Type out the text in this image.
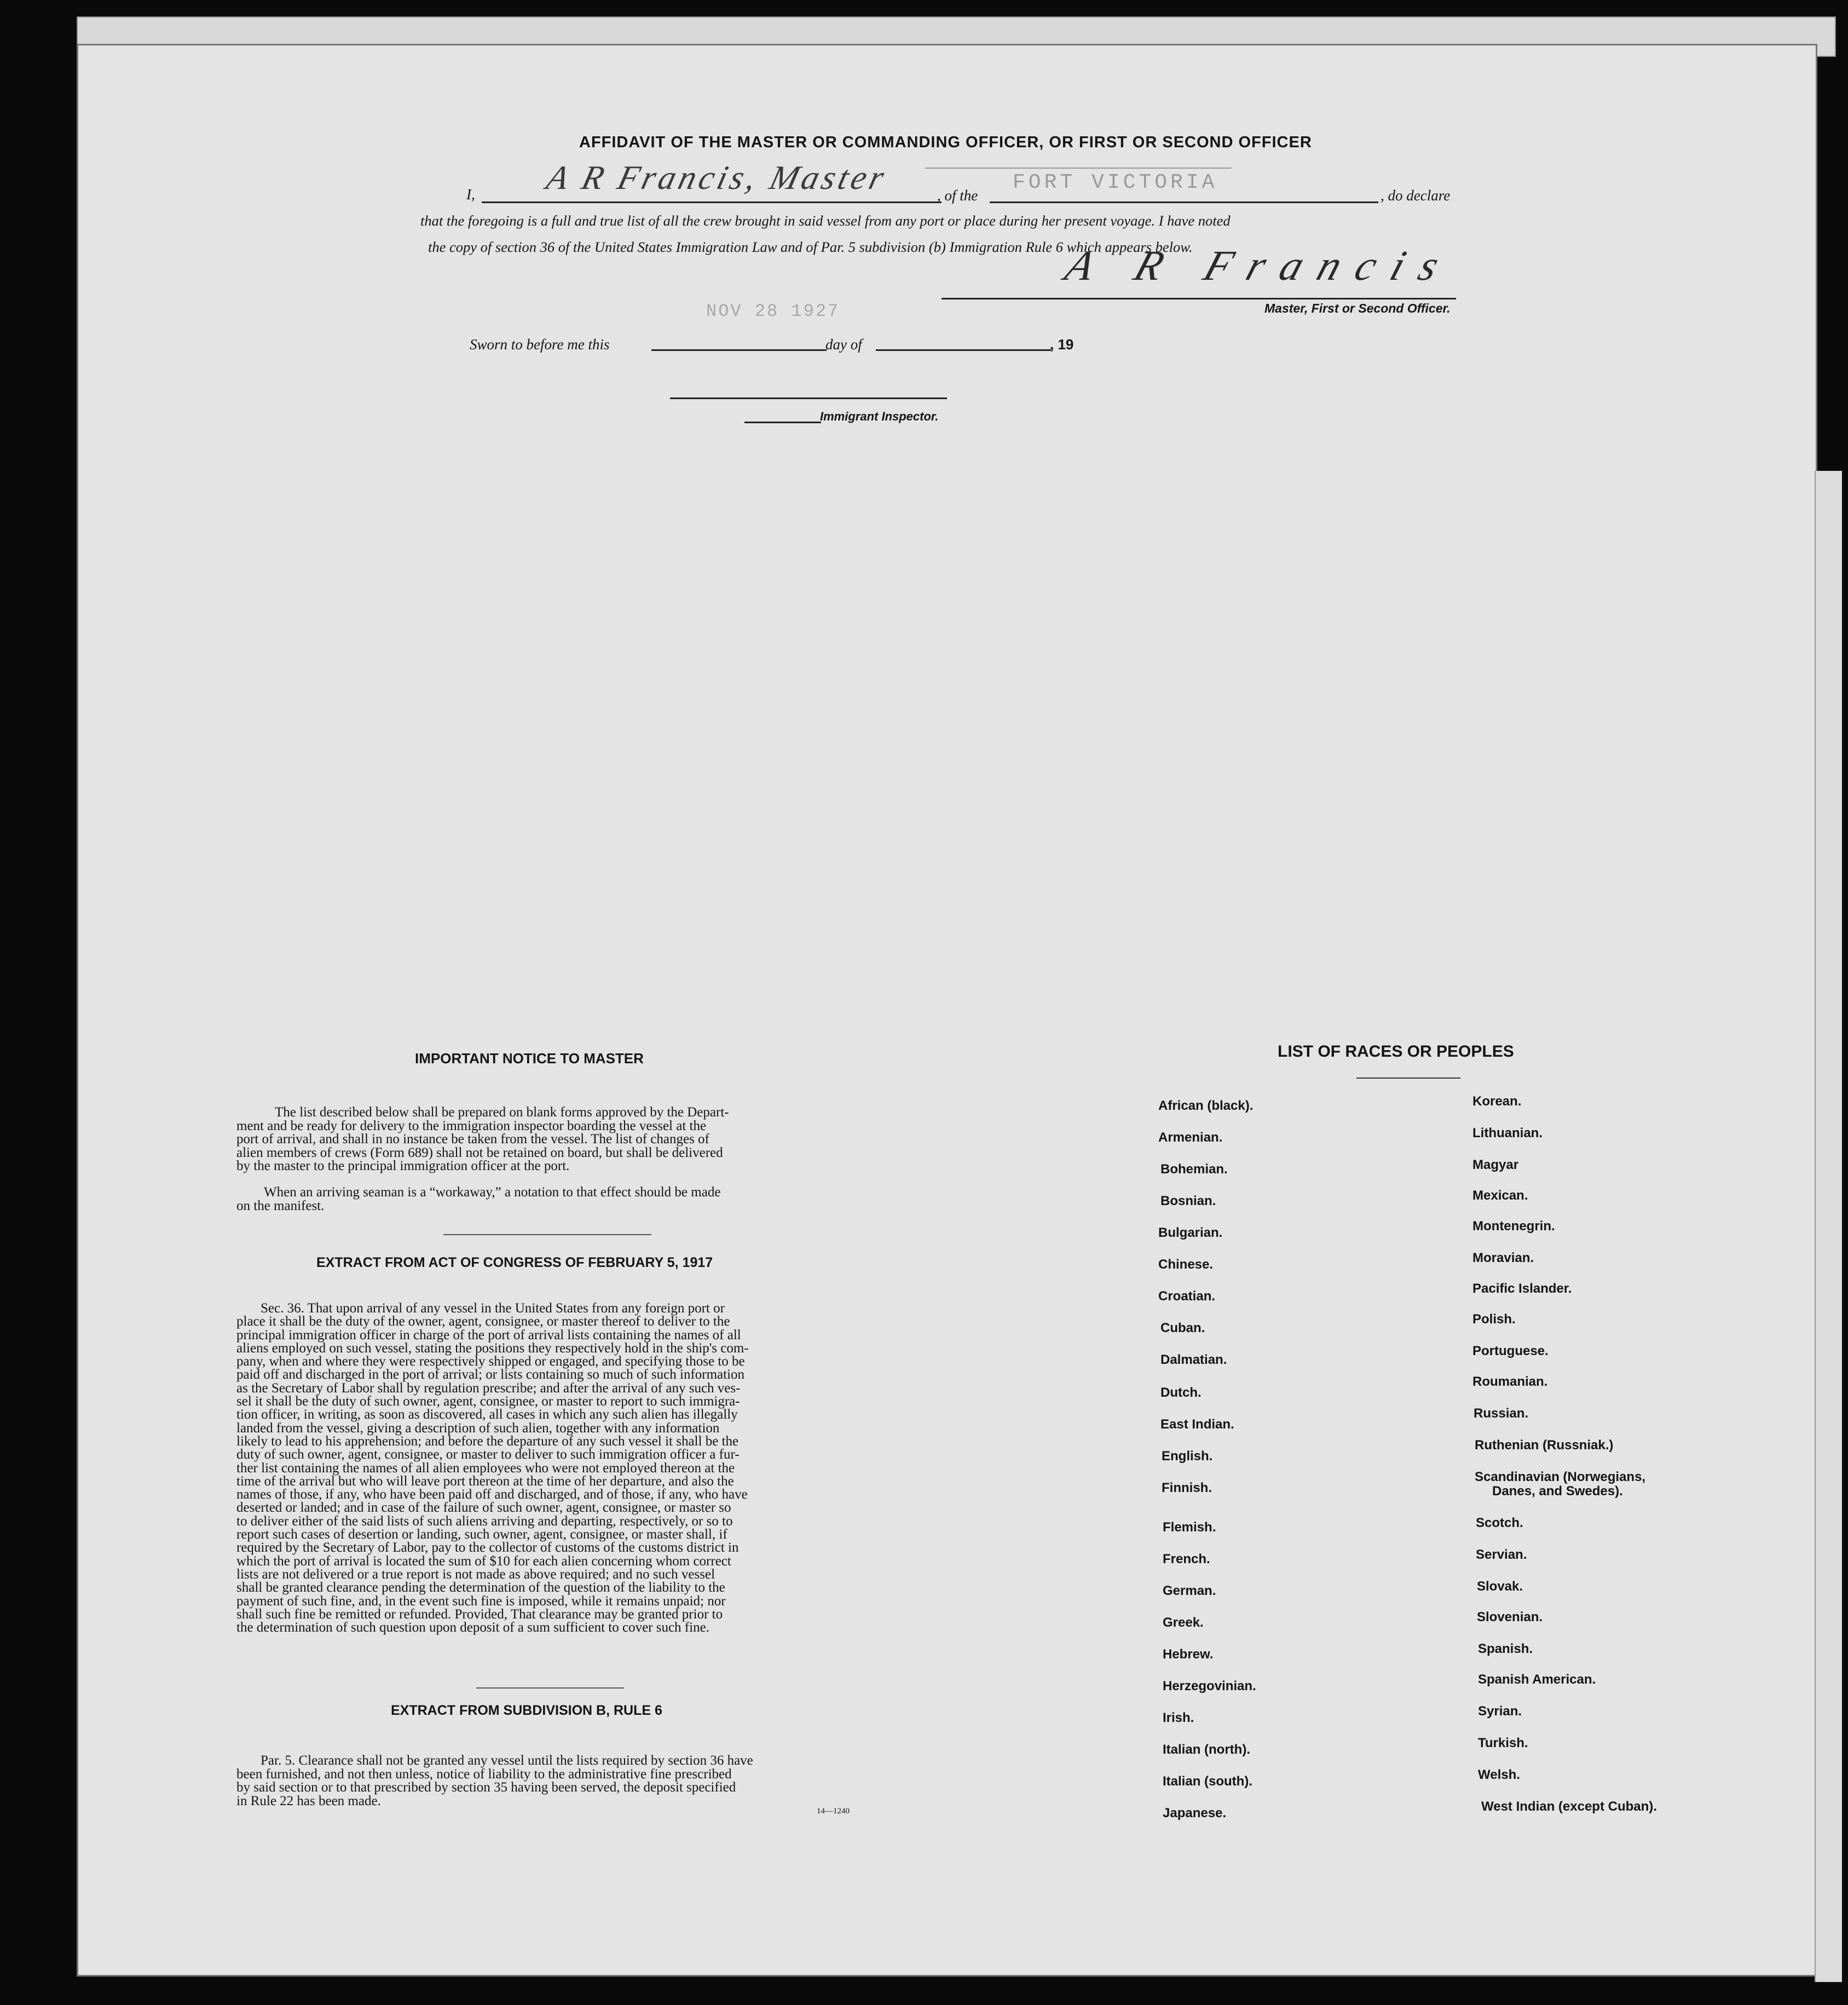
AFFIDAVIT OF THE MASTER OR COMMANDING OFFICER, OR FIRST OR SECOND OFFICER
I, A R Francis, Master	, of the
FORT VICTORIA
, do declare
that the foregoing is a full and true list of all the crew brought in said vessel from any port or place during her present voyage. I have noted
the copy of section 36 of the United States Immigration Law and of Par. 5 subdivision (b) Immigration Rule 6 which appears below.
A R Francis
Master, First or Second Officer.
NOV 28 1927
Sworn to before me this	day of	, 19
Immigrant Inspector.
IMPORTANT NOTICE TO MASTER
The list described below shall be prepared on blank forms approved by the Depart-
ment and be ready for delivery to the immigration inspector boarding the vessel at the
port of arrival, and shall in no instance be taken from the vessel. The list of changes of
alien members of crews (Form 689) shall not be retained on board, but shall be delivered
by the master to the principal immigration officer at the port.
When an arriving seaman is a “workaway,” a notation to that effect should be made
on the manifest.
EXTRACT FROM ACT OF CONGRESS OF FEBRUARY 5, 1917
Sec. 36. That upon arrival of any vessel in the United States from any foreign port or
place it shall be the duty of the owner, agent, consignee, or master thereof to deliver to the
principal immigration officer in charge of the port of arrival lists containing the names of all
aliens employed on such vessel, stating the positions they respectively hold in the ship's com-
pany, when and where they were respectively shipped or engaged, and specifying those to be
paid off and discharged in the port of arrival; or lists containing so much of such information
as the Secretary of Labor shall by regulation prescribe; and after the arrival of any such ves-
sel it shall be the duty of such owner, agent, consignee, or master to report to such immigra-
tion officer, in writing, as soon as discovered, all cases in which any such alien has illegally
landed from the vessel, giving a description of such alien, together with any information
likely to lead to his apprehension; and before the departure of any such vessel it shall be the
duty of such owner, agent, consignee, or master to deliver to such immigration officer a fur-
ther list containing the names of all alien employees who were not employed thereon at the
time of the arrival but who will leave port thereon at the time of her departure, and also the
names of those, if any, who have been paid off and discharged, and of those, if any, who have
deserted or landed; and in case of the failure of such owner, agent, consignee, or master so
to deliver either of the said lists of such aliens arriving and departing, respectively, or so to
report such cases of desertion or landing, such owner, agent, consignee, or master shall, if
required by the Secretary of Labor, pay to the collector of customs of the customs district in
which the port of arrival is located the sum of $10 for each alien concerning whom correct
lists are not delivered or a true report is not made as above required; and no such vessel
shall be granted clearance pending the determination of the question of the liability to the
payment of such fine, and, in the event such fine is imposed, while it remains unpaid; nor
shall such fine be remitted or refunded. Provided, That clearance may be granted prior to
the determination of such question upon deposit of a sum sufficient to cover such fine.
EXTRACT FROM SUBDIVISION B, RULE 6
Par. 5. Clearance shall not be granted any vessel until the lists required by section 36 have
been furnished, and not then unless, notice of liability to the administrative fine prescribed
by said section or to that prescribed by section 35 having been served, the deposit specified
in Rule 22 has been made.
14—1240
LIST OF RACES OR PEOPLES
African (black).
Armenian.
Bohemian.
Bosnian.
Bulgarian.
Chinese.
Croatian.
Cuban.
Dalmatian.
Dutch.
East Indian.
English.
Finnish.
Flemish.
French.
German.
Greek.
Hebrew.
Herzegovinian.
Irish.
Italian (north).
Italian (south).
Japanese.
Korean.
Lithuanian.
Magyar
Mexican.
Montenegrin.
Moravian.
Pacific Islander.
Polish.
Portuguese.
Roumanian.
Russian.
Ruthenian (Russniak.)
Scandinavian (Norwegians,
Danes, and Swedes).
Scotch.
Servian.
Slovak.
Slovenian.
Spanish.
Spanish American.
Syrian.
Turkish.
Welsh.
West Indian (except Cuban).
